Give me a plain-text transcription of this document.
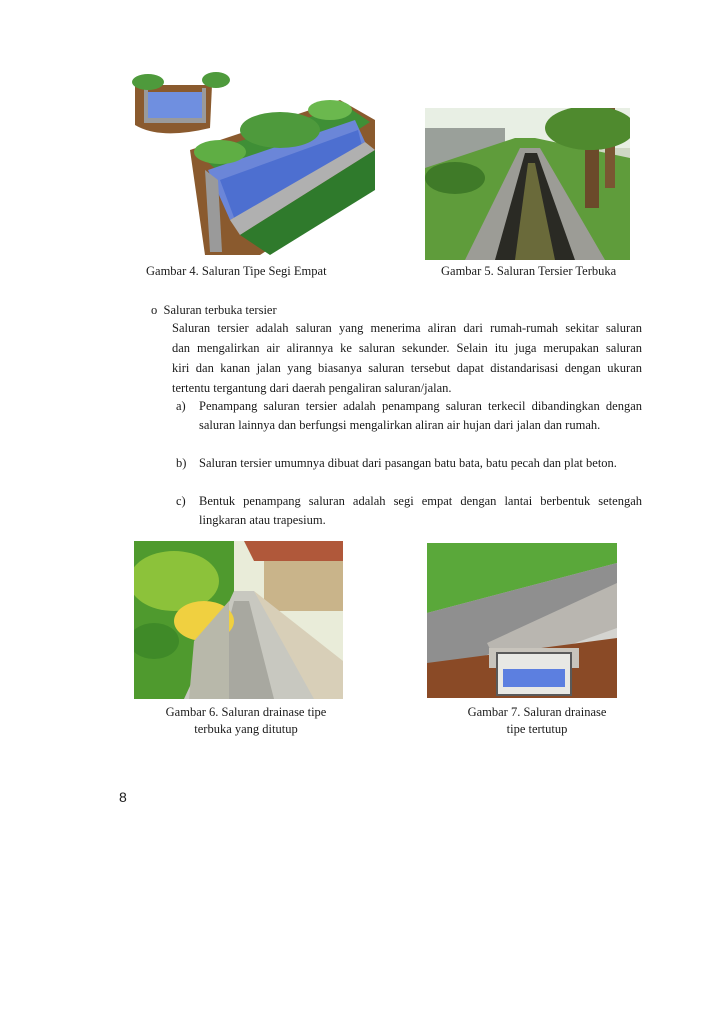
Gambar 4. Saluran Tipe Segi Empat	Gambar 5. Saluran Tersier Terbuka
o Saluran terbuka tersier
Saluran tersier adalah saluran yang menerima aliran dari rumah-rumah sekitar saluran
dan mengalirkan air alirannya ke saluran sekunder. Selain itu juga merupakan saluran
kiri dan kanan jalan yang biasanya saluran tersebut dapat distandarisasi dengan ukuran
tertentu tergantung dari daerah pengaliran saluran/jalan.
a) Penampang saluran tersier adalah penampang saluran terkecil dibandingkan dengan saluran lainnya dan berfungsi mengalirkan aliran air hujan dari jalan dan rumah.
b) Saluran tersier umumnya dibuat dari pasangan batu bata, batu pecah dan plat beton.
c) Bentuk penampang saluran adalah segi empat dengan lantai berbentuk setengah lingkaran atau trapesium.
Gambar 6. Saluran drainase tipe
terbuka yang ditutup
Gambar 7. Saluran drainase
tipe tertutup
8
